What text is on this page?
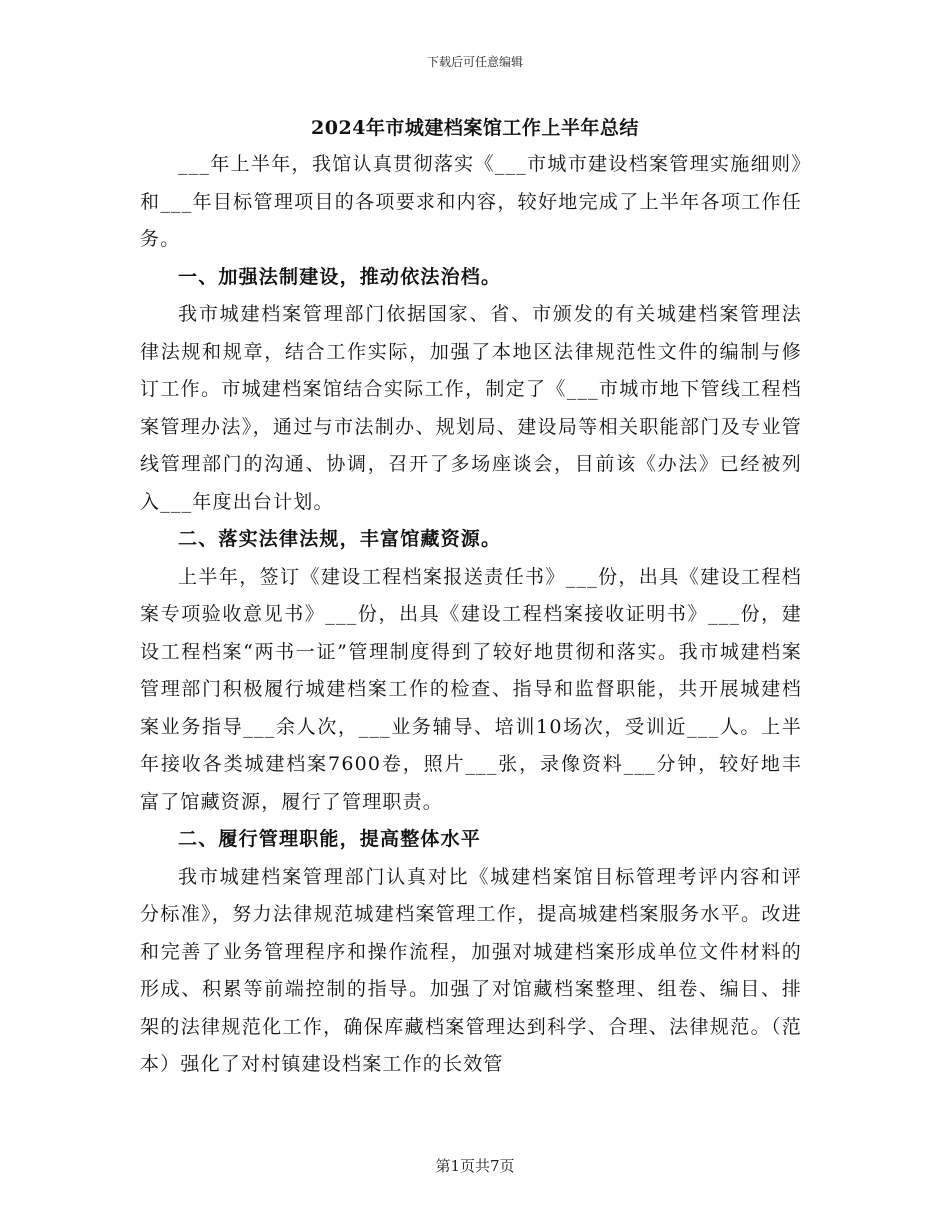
下载后可任意编辑
2024年市城建档案馆工作上半年总结

___年上半年，我馆认真贯彻落实《___市城市建设档案管理实施细则》和___年目标管理项目的各项要求和内容，较好地完成了上半年各项工作任务。

一、加强法制建设，推动依法治档。

我市城建档案管理部门依据国家、省、市颁发的有关城建档案管理法律法规和规章，结合工作实际，加强了本地区法律规范性文件的编制与修订工作。市城建档案馆结合实际工作，制定了《___市城市地下管线工程档案管理办法》，通过与市法制办、规划局、建设局等相关职能部门及专业管线管理部门的沟通、协调，召开了多场座谈会，目前该《办法》已经被列入___年度出台计划。

二、落实法律法规，丰富馆藏资源。

上半年，签订《建设工程档案报送责任书》___份，出具《建设工程档案专项验收意见书》___份，出具《建设工程档案接收证明书》___份，建设工程档案“两书一证”管理制度得到了较好地贯彻和落实。我市城建档案管理部门积极履行城建档案工作的检查、指导和监督职能，共开展城建档案业务指导___余人次，___业务辅导、培训10场次，受训近___人。上半年接收各类城建档案7600卷，照片___张，录像资料___分钟，较好地丰富了馆藏资源，履行了管理职责。

二、履行管理职能，提高整体水平

我市城建档案管理部门认真对比《城建档案馆目标管理考评内容和评分标准》，努力法律规范城建档案管理工作，提高城建档案服务水平。改进和完善了业务管理程序和操作流程，加强对城建档案形成单位文件材料的形成、积累等前端控制的指导。加强了对馆藏档案整理、组卷、编目、排架的法律规范化工作，确保库藏档案管理达到科学、合理、法律规范。（范本）强化了对村镇建设档案工作的长效管

第1页共7页
